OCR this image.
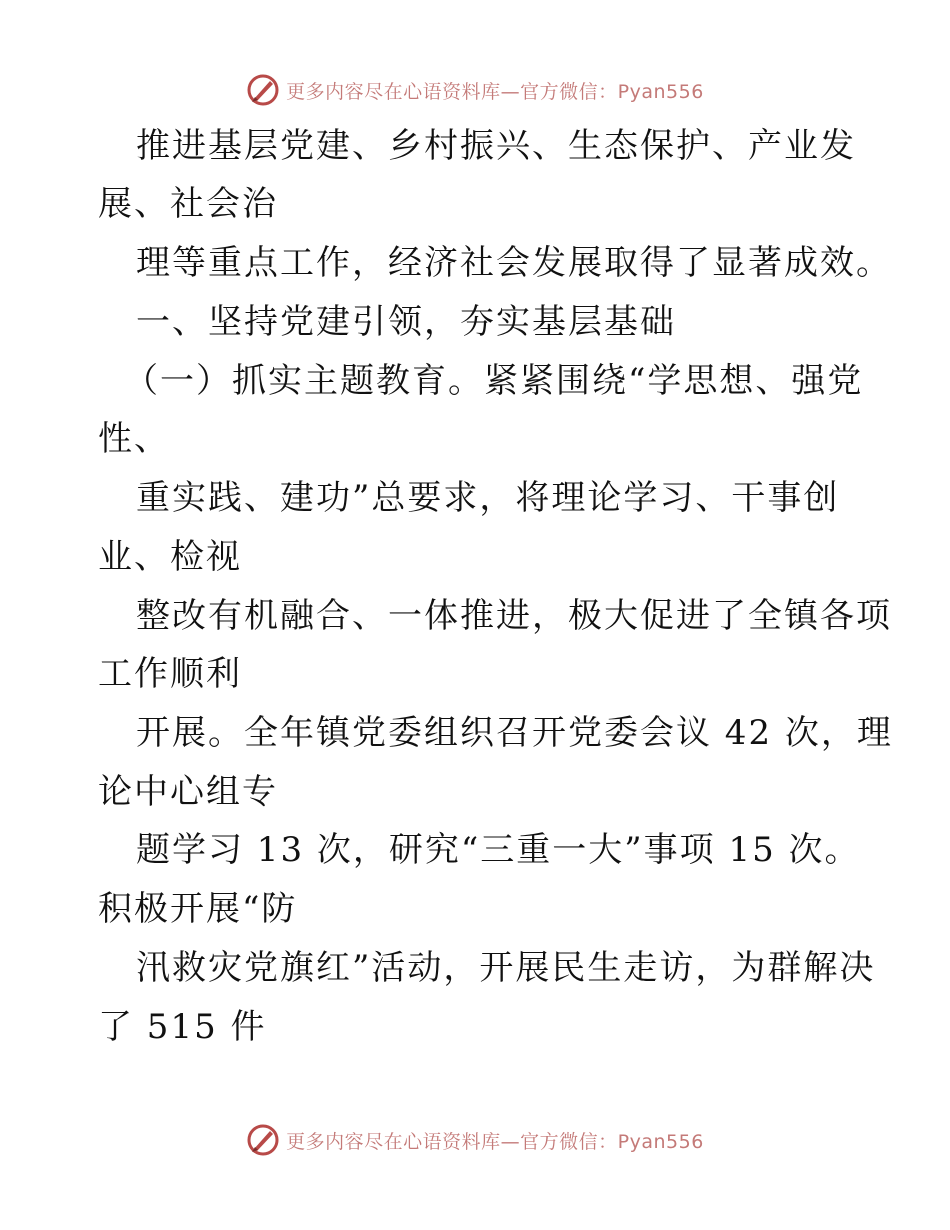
更多内容尽在心语资料库—官方微信：Pyan556
推进基层党建、乡村振兴、生态保护、产业发
展、社会治
理等重点工作，经济社会发展取得了显著成效。
一、坚持党建引领，夯实基层基础
（一）抓实主题教育。紧紧围绕“学思想、强党
性、
重实践、建功”总要求，将理论学习、干事创
业、检视
整改有机融合、一体推进，极大促进了全镇各项
工作顺利
开展。全年镇党委组织召开党委会议 42 次，理
论中心组专
题学习 13 次，研究“三重一大”事项 15 次。
积极开展“防
汛救灾党旗红”活动，开展民生走访，为群解决
了 515 件
更多内容尽在心语资料库—官方微信：Pyan556
